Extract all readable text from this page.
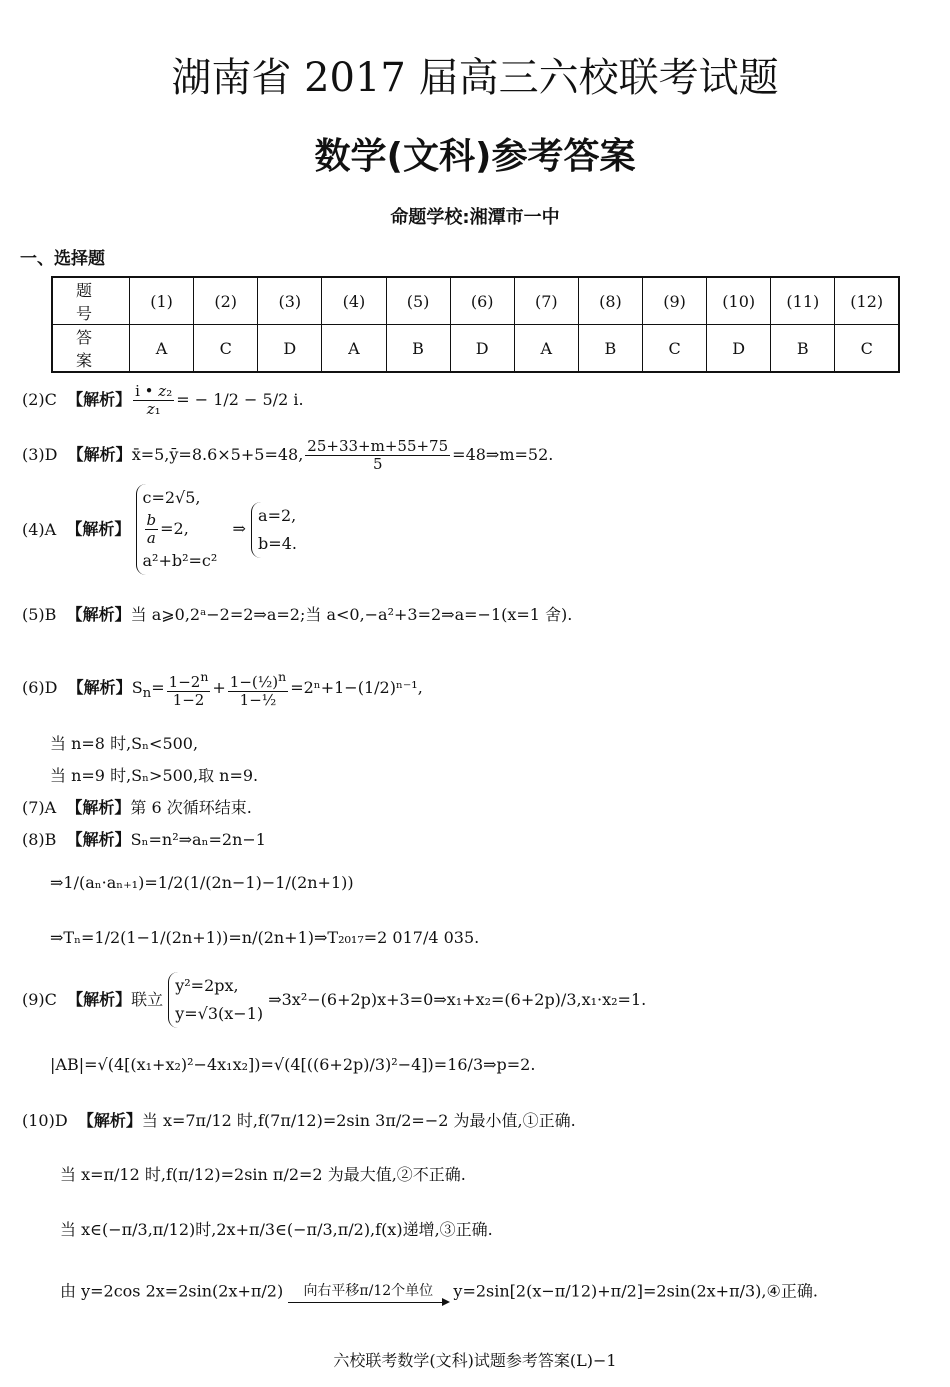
湖南省 2017 届高三六校联考试题
数学(文科)参考答案
命题学校:湘潭市一中
一、选择题
题 号	(1)	(2)	(3)	(4)	(5)	(6)	(7)	(8)	(9)	(10)	(11)	(12)
答 案	A	C	D	A	B	D	A	B	C	D	B	C
(2)C 【解析】 $\frac{\text{i • z₂}}{\text{z₁}}$ = − 1/2 − 5/2 i.
(3)D 【解析】x̄=5,ȳ=8.6×5+5=48, $\frac{25+33+m+55+75}{5}$ =48⇒m=52.
(4)A 【解析】 c=2√5,

$\frac{b}{a} =2$,
a²+b²=c²   ⇒ a=2,
b=4.
(5)B 【解析】当 a⩾0,2ᵃ−2=2⇒a=2;当 a<0,−a²+3=2⇒a=−1(x=1 舍).
(6)D 【解析】$S_n= \frac{1-2^n}{1-2} + \frac{1-(\frac{1}{2})^n}{\text{1−½}} =2^n+1-(1/2)^{n-1}$,
当 n=8 时,Sₙ<500,
当 n=9 时,Sₙ>500,取 n=9.
(7)A 【解析】第 6 次循环结束.
(8)B 【解析】Sₙ=n²⇒aₙ=2n−1
⇒1/(aₙ·aₙ₊₁)=1/2(1/(2n−1)−1/(2n+1))
⇒Tₙ=1/2(1−1/(2n+1))=n/(2n+1)⇒T₂₀₁₇=2 017/4 035.
(9)C 【解析】联立 y²=2px,
y=√3(x−1) ⇒3x²−(6+2p)x+3=0⇒x₁+x₂=(6+2p)/3,x₁·x₂=1.
|AB|=√(4[(x₁+x₂)²−4x₁x₂])=√(4[((6+2p)/3)²−4])=16/3⇒p=2.
(10)D 【解析】当 x=7π/12 时,f(7π/12)=2sin 3π/2=−2 为最小值,①正确.
当 x=π/12 时,f(π/12)=2sin π/2=2 为最大值,②不正确.
当 x∈(−π/3,π/12)时,2x+π/3∈(−π/3,π/2),f(x)递增,③正确.
由 y=2cos 2x=2sin(2x+π/2) 向右平移π/12个单位 y=2sin[2(x−π/12)+π/2]=2sin(2x+π/3),④正确.
六校联考数学(文科)试题参考答案(L)−1
